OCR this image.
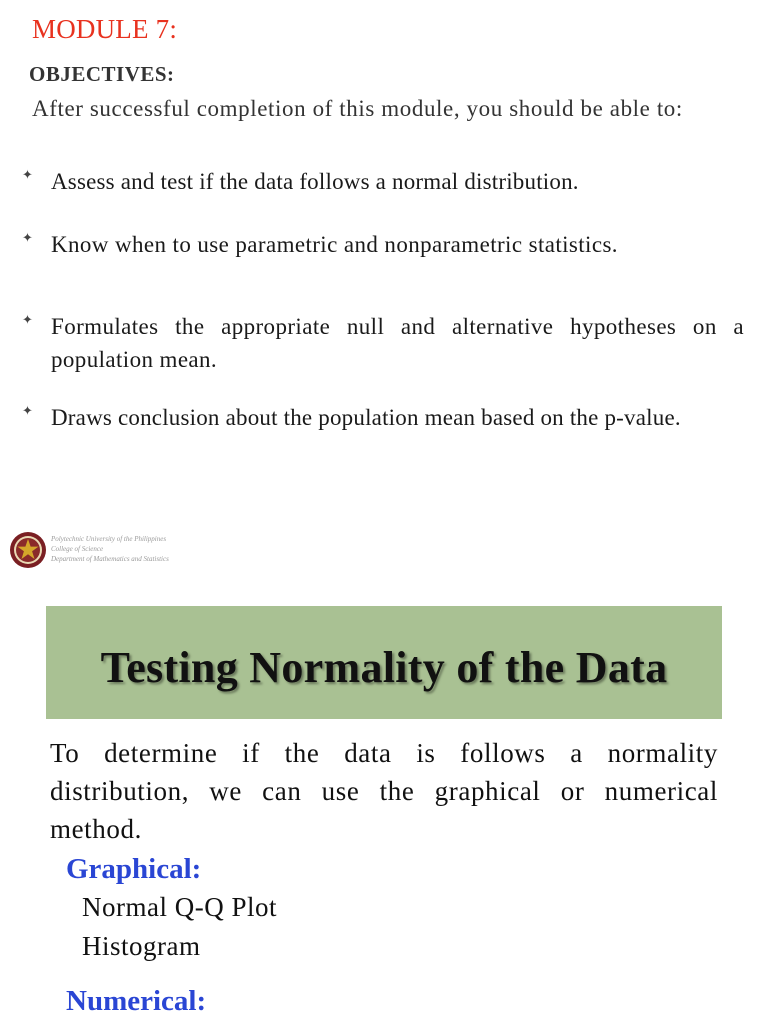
MODULE 7:
OBJECTIVES:
After successful completion of this module, you should be able to:
✦ Assess and test if the data follows a normal distribution.
✦ Know when to use parametric and nonparametric statistics.
✦ Formulates the appropriate null and alternative hypotheses on a population mean.
✦ Draws conclusion about the population mean based on the p-value.
Polytechnic University of the Philippines
College of Science
Department of Mathematics and Statistics
Testing Normality of the Data
To determine if the data is follows a normality distribution, we can use the graphical or numerical method.
Graphical:
Normal Q-Q Plot
Histogram
Numerical:
